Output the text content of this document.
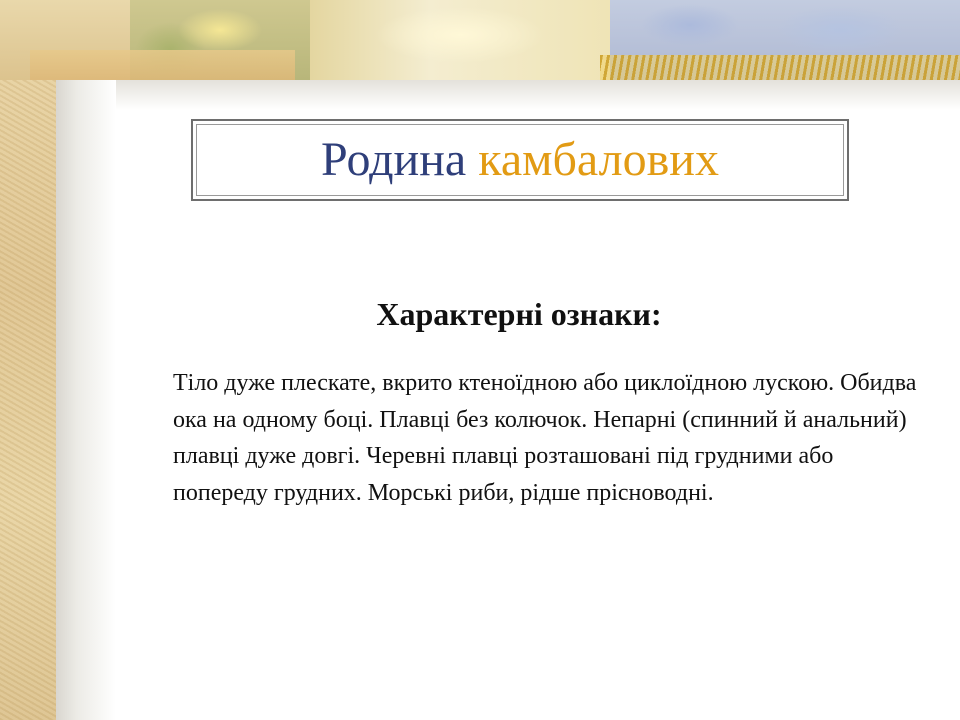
Родина камбалових
Характерні ознаки:
Тіло дуже плескате, вкрито ктеноїдною або циклоїдною лускою. Обидва ока на одному боці. Плавці без колючок. Непарні (спинний й анальний) плавці дуже довгі. Черевні плавці розташовані під грудними або попереду грудних. Морські риби, рідше прісноводні.
